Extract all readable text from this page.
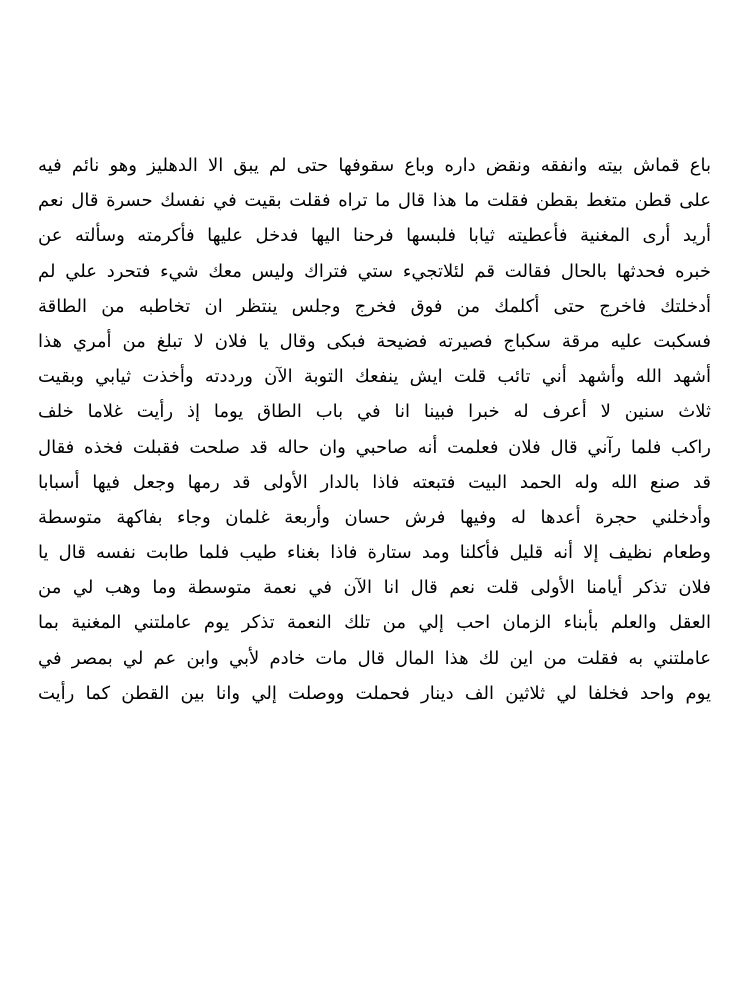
باع قماش بيته وانفقه ونقض داره وباع سقوفها حتى لم يبق الا الدهليز وهو نائم فيه
على قطن متغط بقطن فقلت ما هذا قال ما تراه فقلت بقيت في نفسك حسرة قال نعم
أريد أرى المغنية فأعطيته ثيابا فلبسها فرحنا اليها فدخل عليها فأكرمته وسألته عن
خبره فحدثها بالحال فقالت قم لئلاتجيء ستي فتراك وليس معك شيء فتحرد علي لم
أدخلتك فاخرج حتى أكلمك من فوق فخرج وجلس ينتظر ان تخاطبه من الطاقة
فسكبت عليه مرقة سكباج فصيرته فضيحة فبكى وقال يا فلان لا تبلغ من أمري هذا
أشهد الله وأشهد أني تائب قلت ايش ينفعك التوبة الآن ورددته وأخذت ثيابي وبقيت
ثلاث سنين لا أعرف له خبرا فبينا انا في باب الطاق يوما إذ رأيت غلاما خلف
راكب فلما رآني قال فلان فعلمت أنه صاحبي وان حاله قد صلحت فقبلت فخذه فقال
قد صنع الله وله الحمد البيت فتبعته فاذا بالدار الأولى قد رمها وجعل فيها أسبابا
وأدخلني حجرة أعدها له وفيها فرش حسان وأربعة غلمان وجاء بفاكهة متوسطة
وطعام نظيف إلا أنه قليل فأكلنا ومد ستارة فاذا بغناء طيب فلما طابت نفسه قال يا
فلان تذكر أيامنا الأولى قلت نعم قال انا الآن في نعمة متوسطة وما وهب لي من
العقل والعلم بأبناء الزمان احب إلي من تلك النعمة تذكر يوم عاملتني المغنية بما
عاملتني به فقلت من اين لك هذا المال قال مات خادم لأبي وابن عم لي بمصر في
يوم واحد فخلفا لي ثلاثين الف دينار فحملت ووصلت إلي وانا بين القطن كما رأيت
